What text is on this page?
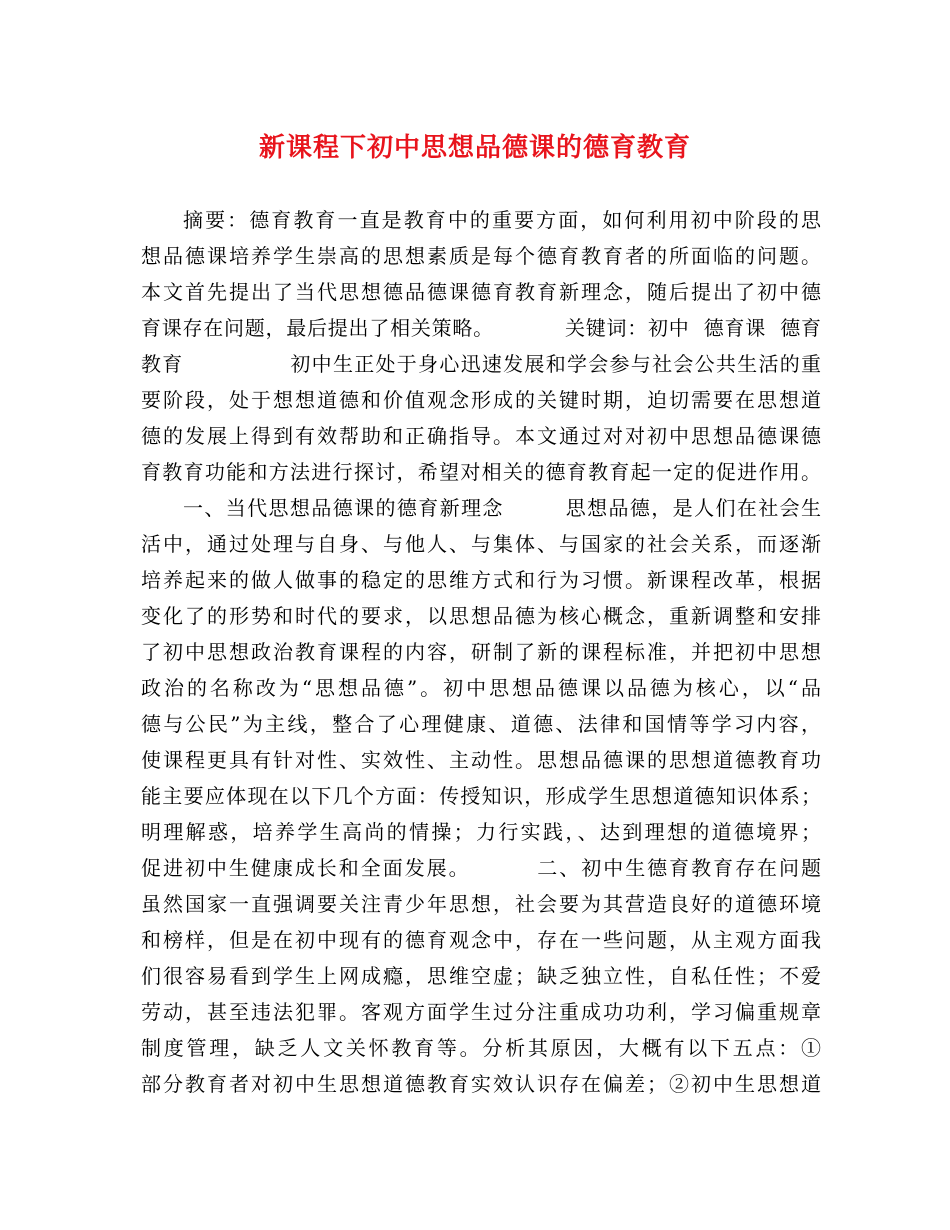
新课程下初中思想品德课的德育教育
摘要：德育教育一直是教育中的重要方面，如何利用初中阶段的思
想品德课培养学生崇高的思想素质是每个德育教育者的所面临的问题。
本文首先提出了当代思想德品德课德育教育新理念，随后提出了初中德
育课存在问题，最后提出了相关策略。          关键词：初中  德育课  德育
教育              初中生正处于身心迅速发展和学会参与社会公共生活的重
要阶段，处于想想道德和价值观念形成的关键时期，迫切需要在思想道
德的发展上得到有效帮助和正确指导。本文通过对对初中思想品德课德
育教育功能和方法进行探讨，希望对相关的德育教育起一定的促进作用。
一、当代思想品德课的德育新理念        思想品德，是人们在社会生
活中，通过处理与自身、与他人、与集体、与国家的社会关系，而逐渐
培养起来的做人做事的稳定的思维方式和行为习惯。新课程改革，根据
变化了的形势和时代的要求，以思想品德为核心概念，重新调整和安排
了初中思想政治教育课程的内容，研制了新的课程标准，并把初中思想
政治的名称改为“思想品德”。初中思想品德课以品德为核心，以“品
德与公民”为主线，整合了心理健康、道德、法律和国情等学习内容，
使课程更具有针对性、实效性、主动性。思想品德课的思想道德教育功
能主要应体现在以下几个方面：传授知识，形成学生思想道德知识体系；
明理解惑，培养学生高尚的情操；力行实践，、达到理想的道德境界；
促进初中生健康成长和全面发展。        二、初中生德育教育存在问题
虽然国家一直强调要关注青少年思想，社会要为其营造良好的道德环境
和榜样，但是在初中现有的德育观念中，存在一些问题，从主观方面我
们很容易看到学生上网成瘾，思维空虚；缺乏独立性，自私任性；不爱
劳动，甚至违法犯罪。客观方面学生过分注重成功功利，学习偏重规章
制度管理，缺乏人文关怀教育等。分析其原因，大概有以下五点：①
部分教育者对初中生思想道德教育实效认识存在偏差；②初中生思想道
